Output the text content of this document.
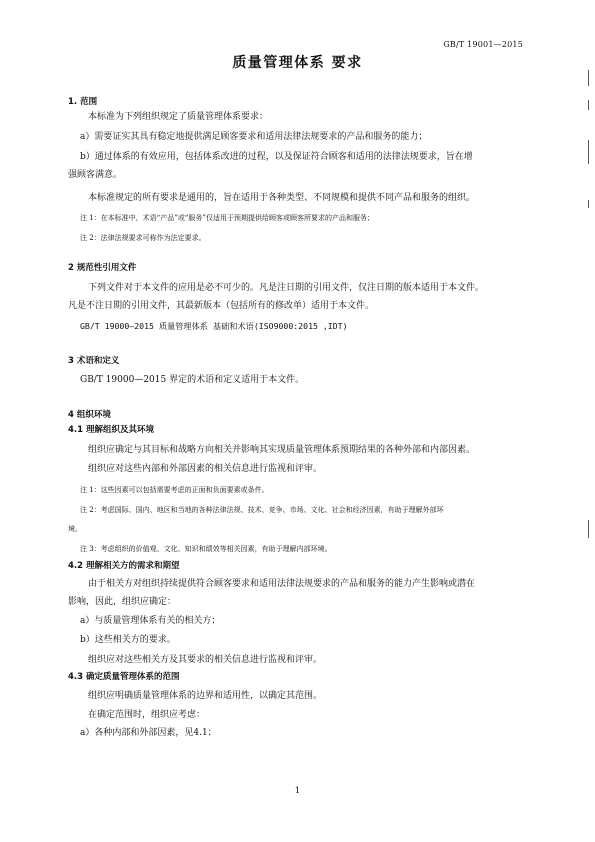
GB/T 19001—2015
质量管理体系 要求
1. 范围
本标准为下列组织规定了质量管理体系要求：
a）需要证实其具有稳定地提供满足顾客要求和适用法律法规要求的产品和服务的能力；
b）通过体系的有效应用，包括体系改进的过程，以及保证符合顾客和适用的法律法规要求，旨在增
强顾客满意。
本标准规定的所有要求是通用的，旨在适用于各种类型、不同规模和提供不同产品和服务的组织。
注 1：在本标准中，术语“产品”或“服务”仅适用于预期提供给顾客或顾客所要求的产品和服务；
注 2：法律法规要求可称作为法定要求。
2 规范性引用文件
下列文件对于本文件的应用是必不可少的。凡是注日期的引用文件，仅注日期的版本适用于本文件。
凡是不注日期的引用文件，其最新版本（包括所有的修改单）适用于本文件。
GB/T 19000—2015 质量管理体系 基础和术语(ISO9000:2015 ,IDT)
3 术语和定义
GB/T 19000—2015 界定的术语和定义适用于本文件。
4 组织环境
4.1 理解组织及其环境
组织应确定与其目标和战略方向相关并影响其实现质量管理体系预期结果的各种外部和内部因素。
组织应对这些内部和外部因素的相关信息进行监视和评审。
注 1：这些因素可以包括需要考虑的正面和负面要素或条件。
注 2：考虑国际、国内、地区和当地的各种法律法规、技术、竞争、市场、文化、社会和经济因素，有助于理解外部环
境。
注 3：考虑组织的价值观、文化、知识和绩效等相关因素，有助于理解内部环境。
4.2 理解相关方的需求和期望
由于相关方对组织持续提供符合顾客要求和适用法律法规要求的产品和服务的能力产生影响或潜在
影响，因此，组织应确定：
a）与质量管理体系有关的相关方；
b）这些相关方的要求。
组织应对这些相关方及其要求的相关信息进行监视和评审。
4.3 确定质量管理体系的范围
组织应明确质量管理体系的边界和适用性，以确定其范围。
在确定范围时，组织应考虑：
a）各种内部和外部因素，见4.1；
1
